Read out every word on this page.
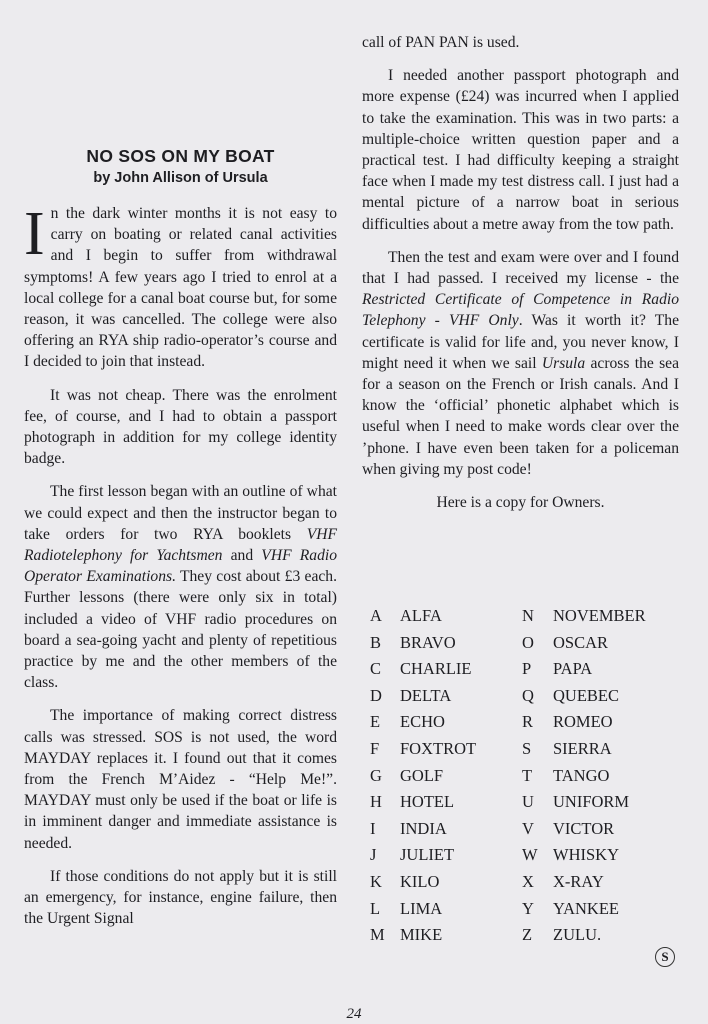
NO SOS ON MY BOAT
by John Allison of Ursula

In the dark winter months it is not easy to carry on boating or related canal activities and I begin to suffer from withdrawal symptoms! A few years ago I tried to enrol at a local college for a canal boat course but, for some reason, it was cancelled. The college were also offering an RYA ship radio-operator’s course and I decided to join that instead.

It was not cheap. There was the enrolment fee, of course, and I had to obtain a passport photograph in addition for my college identity badge.

The first lesson began with an outline of what we could expect and then the instructor began to take orders for two RYA booklets VHF Radiotelephony for Yachtsmen and VHF Radio Operator Examinations. They cost about £3 each. Further lessons (there were only six in total) included a video of VHF radio procedures on board a sea-going yacht and plenty of repetitious practice by me and the other members of the class.

The importance of making correct distress calls was stressed. SOS is not used, the word MAYDAY replaces it. I found out that it comes from the French M’Aidez - “Help Me!”. MAYDAY must only be used if the boat or life is in imminent danger and immediate assistance is needed.

If those conditions do not apply but it is still an emergency, for instance, engine failure, then the Urgent Signal

call of PAN PAN is used.

I needed another passport photograph and more expense (£24) was incurred when I applied to take the examination. This was in two parts: a multiple-choice written question paper and a practical test. I had difficulty keeping a straight face when I made my test distress call. I just had a mental picture of a narrow boat in serious difficulties about a metre away from the tow path.

Then the test and exam were over and I found that I had passed. I received my license - the Restricted Certificate of Competence in Radio Telephony - VHF Only. Was it worth it? The certificate is valid for life and, you never know, I might need it when we sail Ursula across the sea for a season on the French or Irish canals. And I know the ‘official’ phonetic alphabet which is useful when I need to make words clear over the ’phone. I have even been taken for a policeman when giving my post code!

Here is a copy for Owners.

A ALFA	N NOVEMBER
B BRAVO	O OSCAR
C CHARLIE	P PAPA
D DELTA	Q QUEBEC
E ECHO	R ROMEO
F FOXTROT	S SIERRA
G GOLF	T TANGO
H HOTEL	U UNIFORM
I INDIA	V VICTOR
J JULIET	W WHISKY
K KILO	X X-RAY
L LIMA	Y YANKEE
M MIKE	Z ZULU.
S
24
